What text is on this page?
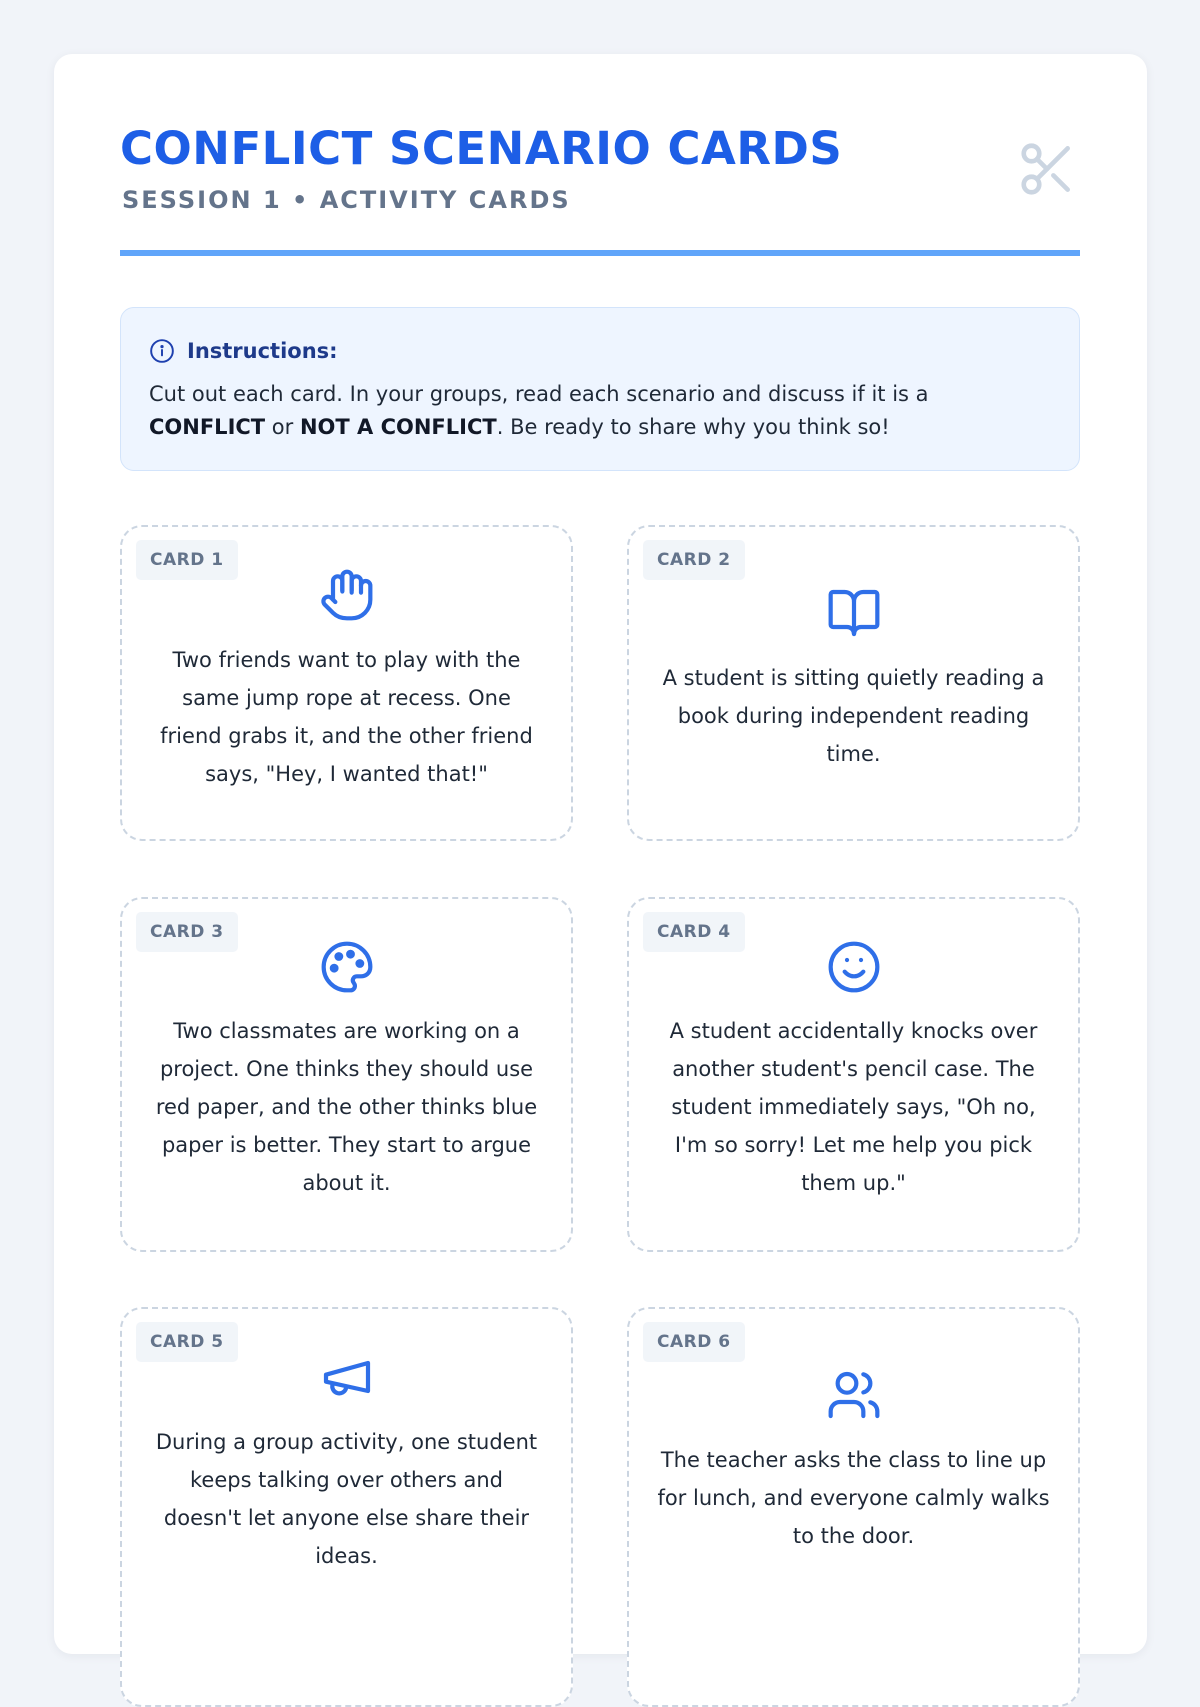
CONFLICT SCENARIO CARDS
SESSION 1 • ACTIVITY CARDS
Instructions:
Cut out each card. In your groups, read each scenario and discuss if it is a CONFLICT or NOT A CONFLICT. Be ready to share why you think so!
CARD 1
Two friends want to play with the same jump rope at recess. One friend grabs it, and the other friend says, "Hey, I wanted that!"
CARD 2
A student is sitting quietly reading a book during independent reading time.
CARD 3
Two classmates are working on a project. One thinks they should use red paper, and the other thinks blue paper is better. They start to argue about it.
CARD 4
A student accidentally knocks over another student's pencil case. The student immediately says, "Oh no, I'm so sorry! Let me help you pick them up."
CARD 5
During a group activity, one student keeps talking over others and doesn't let anyone else share their ideas.
CARD 6
The teacher asks the class to line up for lunch, and everyone calmly walks to the door.
